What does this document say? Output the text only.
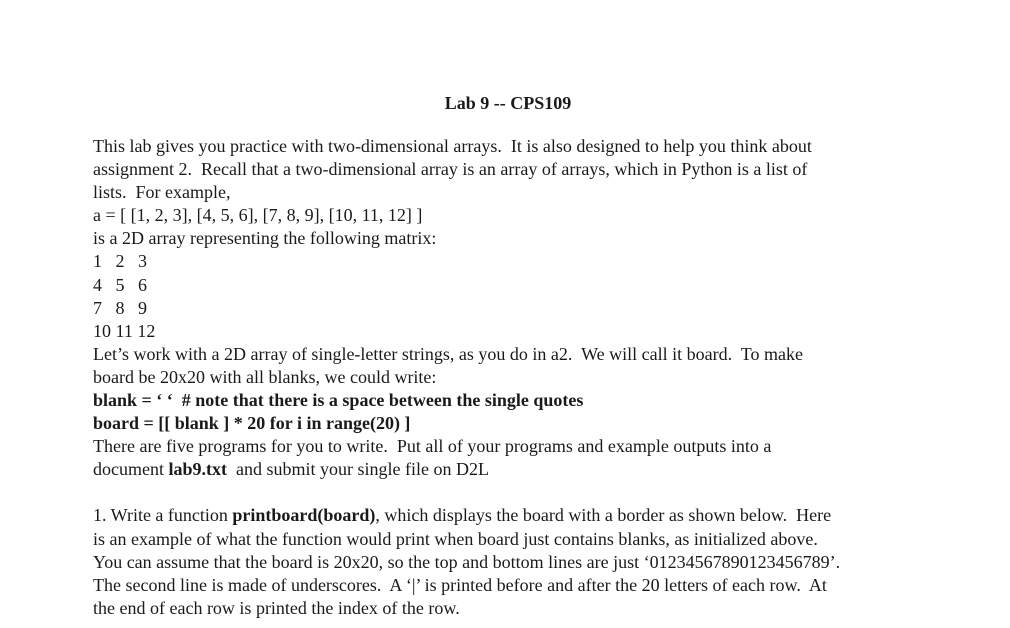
Lab 9 -- CPS109
This lab gives you practice with two-dimensional arrays.  It is also designed to help you think about
assignment 2.  Recall that a two-dimensional array is an array of arrays, which in Python is a list of
lists.  For example,
a = [ [1, 2, 3], [4, 5, 6], [7, 8, 9], [10, 11, 12] ]
is a 2D array representing the following matrix:
1   2   3
4   5   6
7   8   9
10 11 12
Let’s work with a 2D array of single-letter strings, as you do in a2.  We will call it board.  To make
board be 20x20 with all blanks, we could write:
blank = ‘ ‘  # note that there is a space between the single quotes
board = [[ blank ] * 20 for i in range(20) ]
There are five programs for you to write.  Put all of your programs and example outputs into a
document lab9.txt  and submit your single file on D2L
1. Write a function printboard(board), which displays the board with a border as shown below.  Here
is an example of what the function would print when board just contains blanks, as initialized above.
You can assume that the board is 20x20, so the top and bottom lines are just ‘01234567890123456789’.
The second line is made of underscores.  A ‘|’ is printed before and after the 20 letters of each row.  At
the end of each row is printed the index of the row.
